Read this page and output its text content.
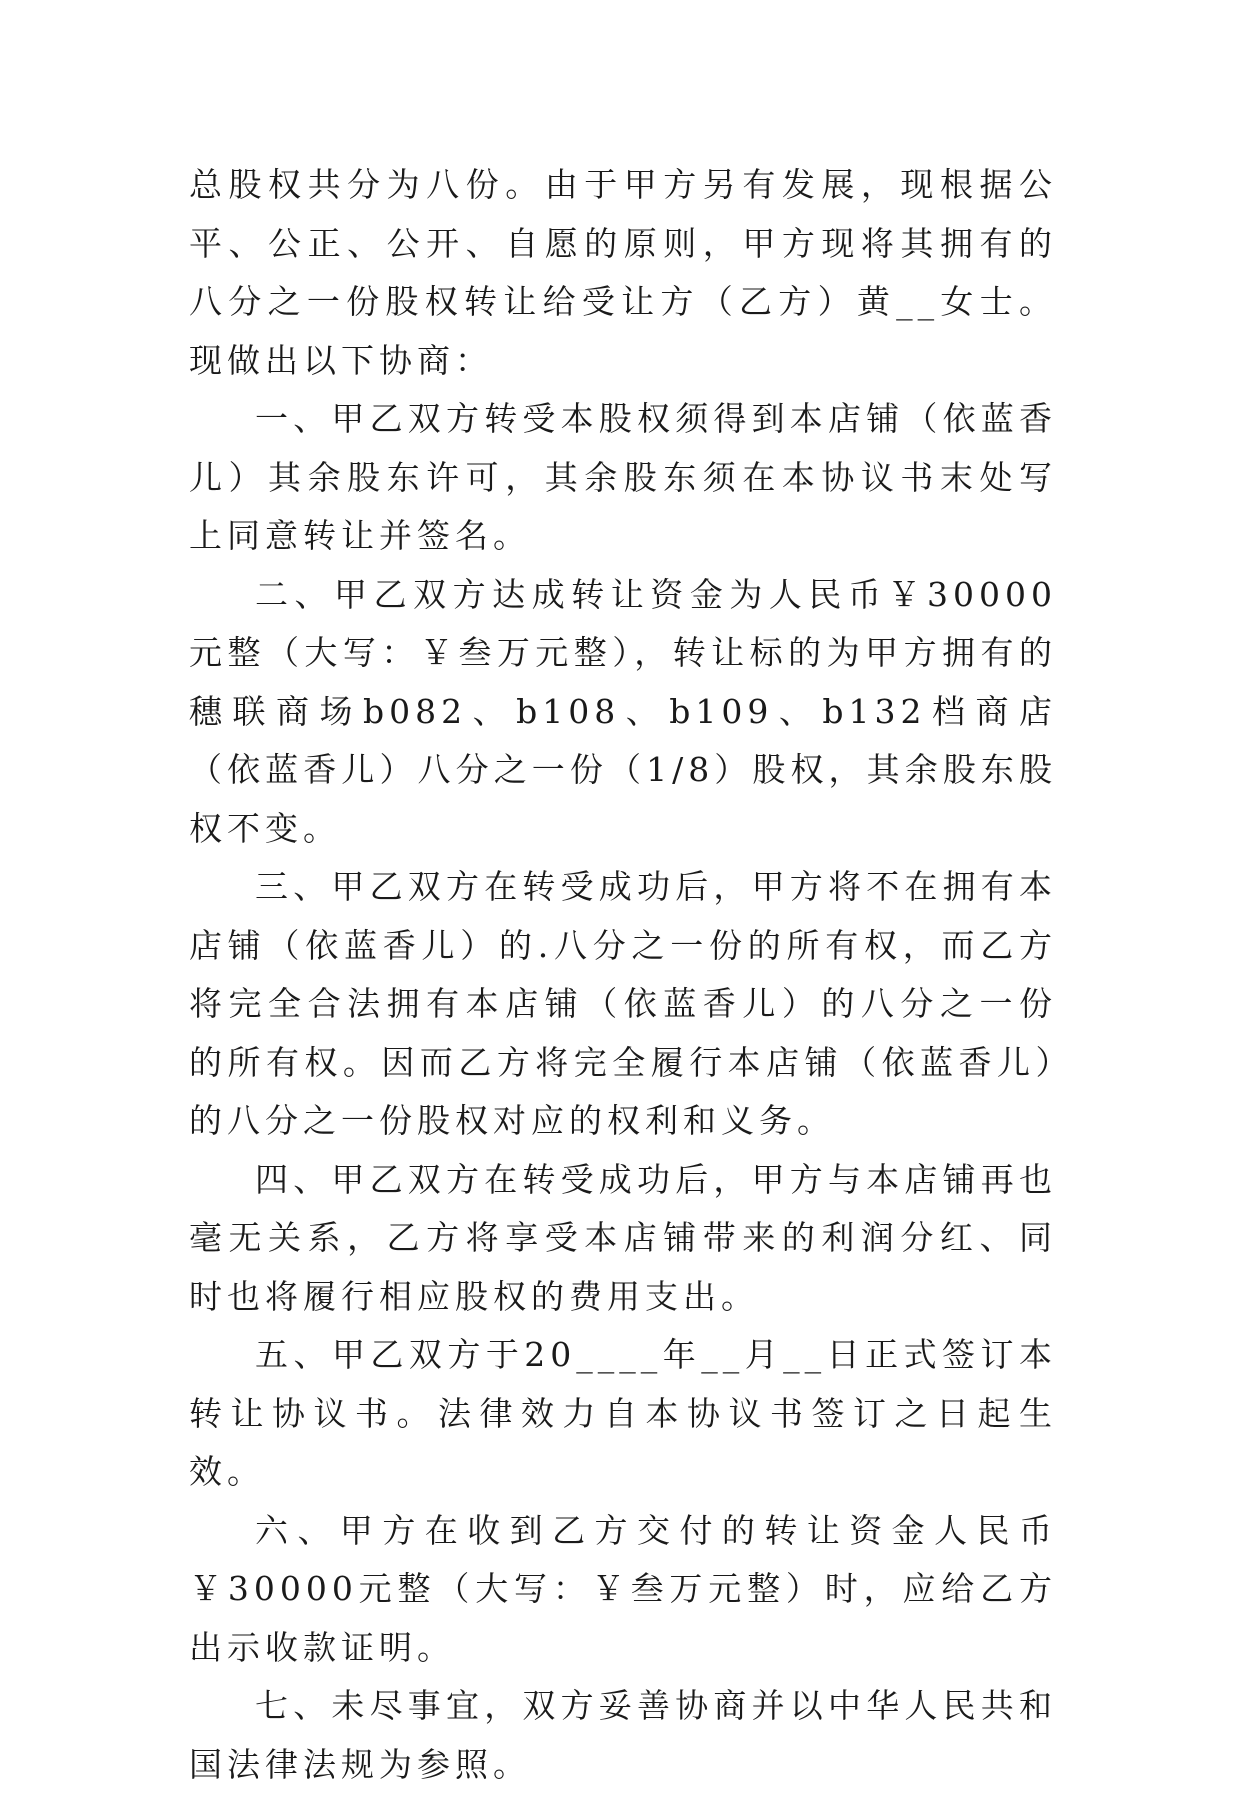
总股权共分为八份。由于甲方另有发展，现根据公平、公正、公开、自愿的原则，甲方现将其拥有的八分之一份股权转让给受让方（乙方）黄__女士。现做出以下协商：

一、甲乙双方转受本股权须得到本店铺（依蓝香儿）其余股东许可，其余股东须在本协议书末处写上同意转让并签名。

二、甲乙双方达成转让资金为人民币￥30000元整（大写：￥叁万元整），转让标的为甲方拥有的穗联商场b082、b108、b109、b132档商店（依蓝香儿）八分之一份（1/8）股权，其余股东股权不变。

三、甲乙双方在转受成功后，甲方将不在拥有本店铺（依蓝香儿）的.八分之一份的所有权，而乙方将完全合法拥有本店铺（依蓝香儿）的八分之一份的所有权。因而乙方将完全履行本店铺（依蓝香儿）的八分之一份股权对应的权利和义务。

四、甲乙双方在转受成功后，甲方与本店铺再也毫无关系，乙方将享受本店铺带来的利润分红、同时也将履行相应股权的费用支出。

五、甲乙双方于20____年__月__日正式签订本转让协议书。法律效力自本协议书签订之日起生效。

六、甲方在收到乙方交付的转让资金人民币￥30000元整（大写：￥叁万元整）时，应给乙方出示收款证明。

七、未尽事宜，双方妥善协商并以中华人民共和国法律法规为参照。
